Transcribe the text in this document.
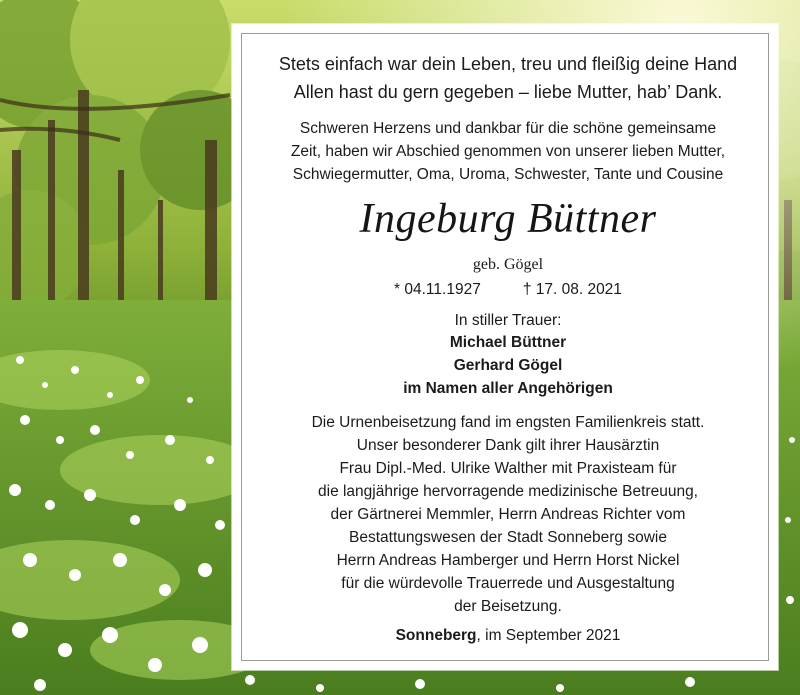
Stets einfach war dein Leben, treu und fleißig deine Hand
Allen hast du gern gegeben – liebe Mutter, hab’ Dank.
Schweren Herzens und dankbar für die schöne gemeinsame
Zeit, haben wir Abschied genommen von unserer lieben Mutter,
Schwiegermutter, Oma, Uroma, Schwester, Tante und Cousine
Ingeburg Büttner
geb. Gögel
* 04.11.1927	† 17. 08. 2021
In stiller Trauer:
Michael Büttner
Gerhard Gögel
im Namen aller Angehörigen
Die Urnenbeisetzung fand im engsten Familienkreis statt.
Unser besonderer Dank gilt ihrer Hausärztin
Frau Dipl.-Med. Ulrike Walther mit Praxisteam für
die langjährige hervorragende medizinische Betreuung,
der Gärtnerei Memmler, Herrn Andreas Richter vom
Bestattungswesen der Stadt Sonneberg sowie
Herrn Andreas Hamberger und Herrn Horst Nickel
für die würdevolle Trauerrede und Ausgestaltung
der Beisetzung.
Sonneberg, im September 2021
